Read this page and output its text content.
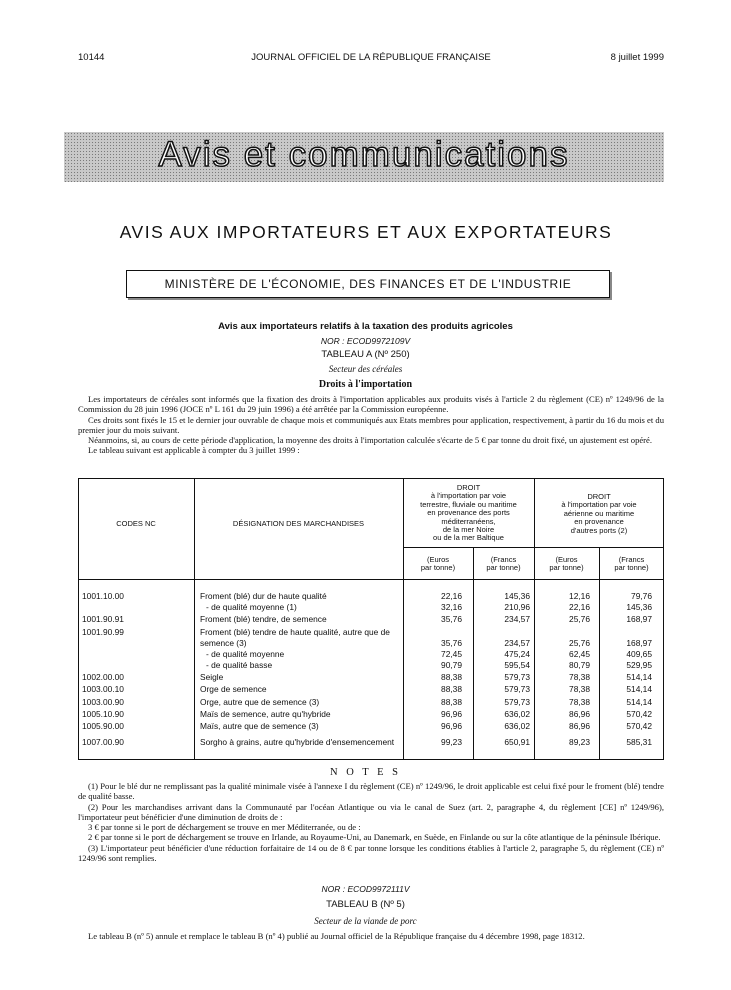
10144	JOURNAL OFFICIEL DE LA RÉPUBLIQUE FRANÇAISE	8 juillet 1999
Avis et communications
AVIS AUX IMPORTATEURS ET AUX EXPORTATEURS
MINISTÈRE DE L'ÉCONOMIE, DES FINANCES ET DE L'INDUSTRIE
Avis aux importateurs relatifs à la taxation des produits agricoles
NOR : ECOD9972109V
TABLEAU A (Nº 250)
Secteur des céréales
Droits à l'importation

Les importateurs de céréales sont informés que la fixation des droits à l'importation applicables aux produits visés à l'article 2 du règlement (CE) nº 1249/96 de la Commission du 28 juin 1996 (JOCE nº L 161 du 29 juin 1996) a été arrêtée par la Commission européenne.

Ces droits sont fixés le 15 et le dernier jour ouvrable de chaque mois et communiqués aux Etats membres pour application, respectivement, à partir du 16 du mois et du premier jour du mois suivant.

Néanmoins, si, au cours de cette période d'application, la moyenne des droits à l'importation calculée s'écarte de 5 € par tonne du droit fixé, un ajustement est opéré.

Le tableau suivant est applicable à compter du 3 juillet 1999 :

CODES NC	DÉSIGNATION DES MARCHANDISES
DROIT
à l'importation par voie
terrestre, fluviale ou maritime
en provenance des ports
méditerranéens,
de la mer Noire
ou de la mer Baltique
DROIT
à l'importation par voie
aérienne ou maritime
en provenance
d'autres ports (2)
(Euros
par tonne)
(Francs
par tonne)
(Euros
par tonne)
(Francs
par tonne)
1001.10.00	Froment (blé) dur de haute qualité	22,16	145,36	12,16	79,76
- de qualité moyenne (1)	32,16	210,96	22,16	145,36
1001.90.91	Froment (blé) tendre, de semence	35,76	234,57	25,76	168,97
1001.90.99	Froment (blé) tendre de haute qualité, autre que de
semence (3)	35,76	234,57	25,76	168,97
- de qualité moyenne	72,45	475,24	62,45	409,65
- de qualité basse	90,79	595,54	80,79	529,95
1002.00.00	Seigle	88,38	579,73	78,38	514,14
1003.00.10	Orge de semence	88,38	579,73	78,38	514,14
1003.00.90	Orge, autre que de semence (3)	88,38	579,73	78,38	514,14
1005.10.90	Maïs de semence, autre qu'hybride	96,96	636,02	86,96	570,42
1005.90.00	Maïs, autre que de semence (3)	96,96	636,02	86,96	570,42
1007.00.90	Sorgho à grains, autre qu'hybride d'ensemencement	99,23	650,91	89,23	585,31
N O T E S

(1) Pour le blé dur ne remplissant pas la qualité minimale visée à l'annexe I du règlement (CE) nº 1249/96, le droit applicable est celui fixé pour le froment (blé) tendre de qualité basse.

(2) Pour les marchandises arrivant dans la Communauté par l'océan Atlantique ou via le canal de Suez (art. 2, paragraphe 4, du règlement [CE] nº 1249/96), l'importateur peut bénéficier d'une diminution de droits de :

3 € par tonne si le port de déchargement se trouve en mer Méditerranée, ou de :

2 € par tonne si le port de déchargement se trouve en Irlande, au Royaume-Uni, au Danemark, en Suède, en Finlande ou sur la côte atlantique de la péninsule Ibérique.

(3) L'importateur peut bénéficier d'une réduction forfaitaire de 14 ou de 8 € par tonne lorsque les conditions établies à l'article 2, paragraphe 5, du règlement (CE) nº 1249/96 sont remplies.

NOR : ECOD9972111V
TABLEAU B (Nº 5)
Secteur de la viande de porc

Le tableau B (nº 5) annule et remplace le tableau B (nº 4) publié au Journal officiel de la République française du 4 décembre 1998, page 18312.
